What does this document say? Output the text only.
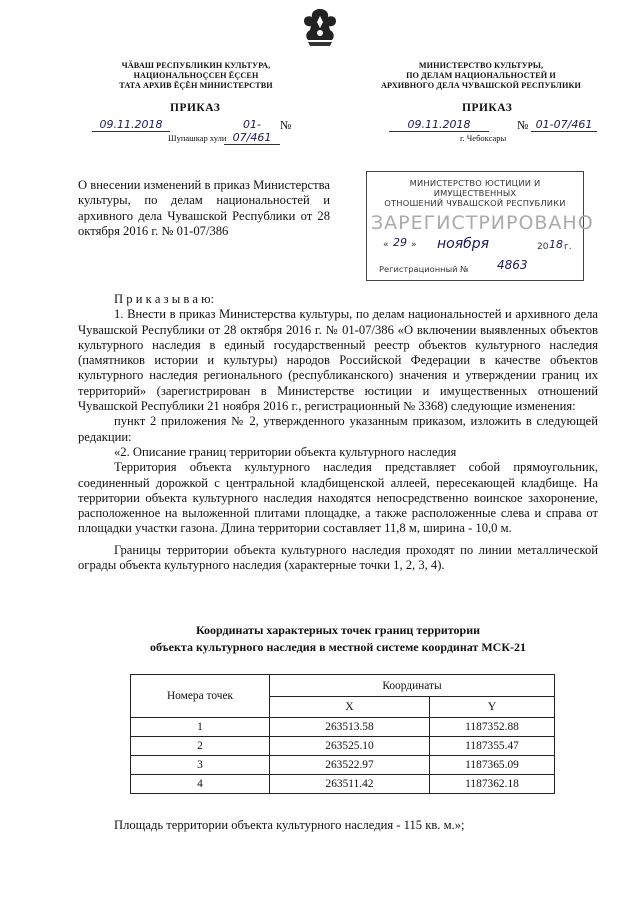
ЧӐВАШ РЕСПУБЛИКИН КУЛЬТУРА,
НАЦИОНАЛЬНОÇСЕН ĔÇСЕН
ТАТА АРХИВ ĔÇĔН МИНИСТЕРСТВИ
МИНИСТЕРСТВО КУЛЬТУРЫ,
ПО ДЕЛАМ НАЦИОНАЛЬНОСТЕЙ И
АРХИВНОГО ДЕЛА ЧУВАШСКОЙ РЕСПУБЛИКИ
ПРИКАЗ	ПРИКАЗ
09.11.2018	01-07/461
№
Шупашкар хули
09.11.2018	№ 01-07/461
г. Чебоксары
О внесении изменений в приказ Министерства культуры, по делам национальностей и архивного дела Чувашской Республики от 28 октября 2016 г. № 01-07/386
МИНИСТЕРСТВО ЮСТИЦИИ И ИМУЩЕСТВЕННЫХ
ОТНОШЕНИЙ ЧУВАШСКОЙ РЕСПУБЛИКИ
ЗАРЕГИСТРИРОВАНО
« 29 » ноября	20 18 г.
Регистрационный № 4863
П р и к а з ы в а ю:
1. Внести в приказ Министерства культуры, по делам национальностей и архивного дела Чувашской Республики от 28 октября 2016 г. № 01-07/386 «О включении выявленных объектов культурного наследия в единый государственный реестр объектов культурного наследия (памятников истории и культуры) народов Российской Федерации в качестве объектов культурного наследия регионального (республиканского) значения и утверждении границ их территорий» (зарегистрирован в Министерстве юстиции и имущественных отношений Чувашской Республики 21 ноября 2016 г., регистрационный № 3368) следующие изменения:
пункт 2 приложения № 2, утвержденного указанным приказом, изложить в следующей редакции:
«2. Описание границ территории объекта культурного наследия
Территория объекта культурного наследия представляет собой прямоугольник, соединенный дорожкой с центральной кладбищенской аллеей, пересекающей кладбище. На территории объекта культурного наследия находятся непосредственно воинское захоронение, расположенное на выложенной плитами площадке, а также расположенные слева и справа от площадки участки газона. Длина территории составляет 11,8 м, ширина - 10,0 м.
Границы территории объекта культурного наследия проходят по линии металлической ограды объекта культурного наследия (характерные точки 1, 2, 3, 4).
Координаты характерных точек границ территории
объекта культурного наследия в местной системе координат МСК-21
Номера точек	Координаты	
	X	Y
1	263513.58	1187352.88
2	263525.10	1187355.47
3	263522.97	1187365.09
4	263511.42	1187362.18
Площадь территории объекта культурного наследия - 115 кв. м.»;
